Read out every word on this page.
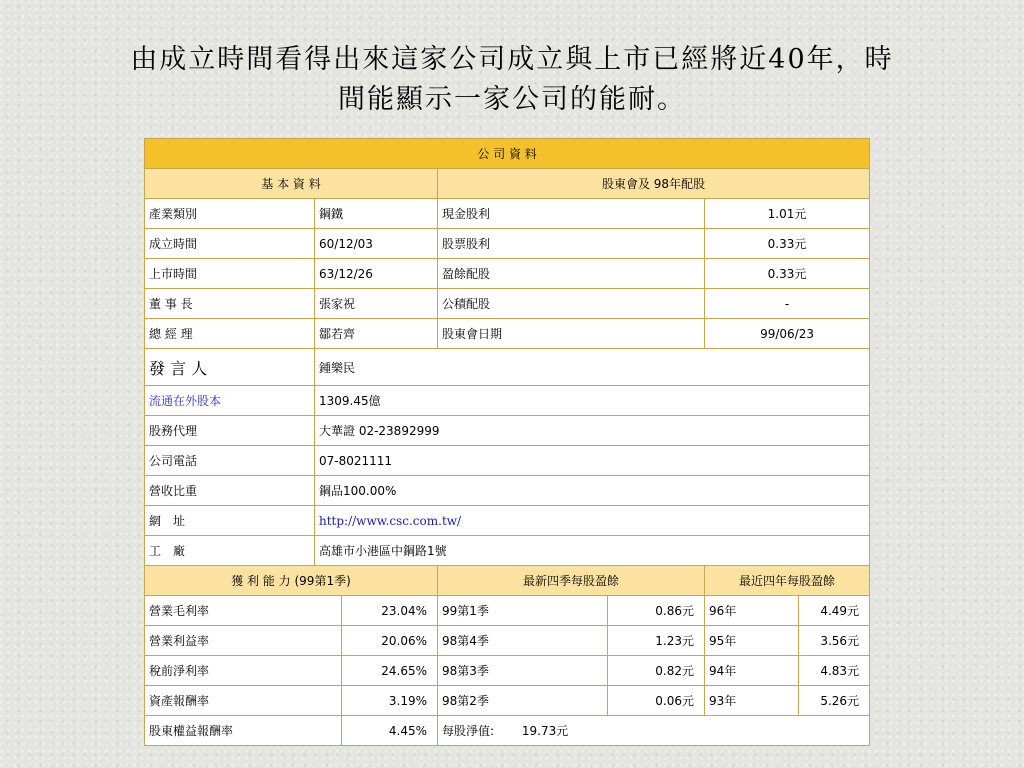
由成立時間看得出來這家公司成立與上市已經將近40年，時
間能顯示一家公司的能耐。
公 司 資 料						
基 本 資 料			股東會及 98年配股			
產業類別	鋼鐵		現金股利		1.01元	
成立時間	60/12/03		股票股利		0.33元	
上市時間	63/12/26		盈餘配股		0.33元	
董 事 長	張家祝		公積配股		-	
總 經 理	鄒若齊		股東會日期		99/06/23	
發 言 人	鍾樂民					
流通在外股本	1309.45億					
股務代理	大華證 02-23892999					
公司電話	07-8021111					
營收比重	鋼品100.00%					
網　址	http://www.csc.com.tw/					
工　廠	高雄市小港區中鋼路1號					
獲 利 能 力 (99第1季)			最新四季每股盈餘		最近四年每股盈餘	
營業毛利率		23.04%	99第1季	0.86元	96年	4.49元
營業利益率		20.06%	98第4季	1.23元	95年	3.56元
稅前淨利率		24.65%	98第3季	0.82元	94年	4.83元
資產報酬率		3.19%	98第2季	0.06元	93年	5.26元
股東權益報酬率		4.45%	每股淨值: 19.73元			
